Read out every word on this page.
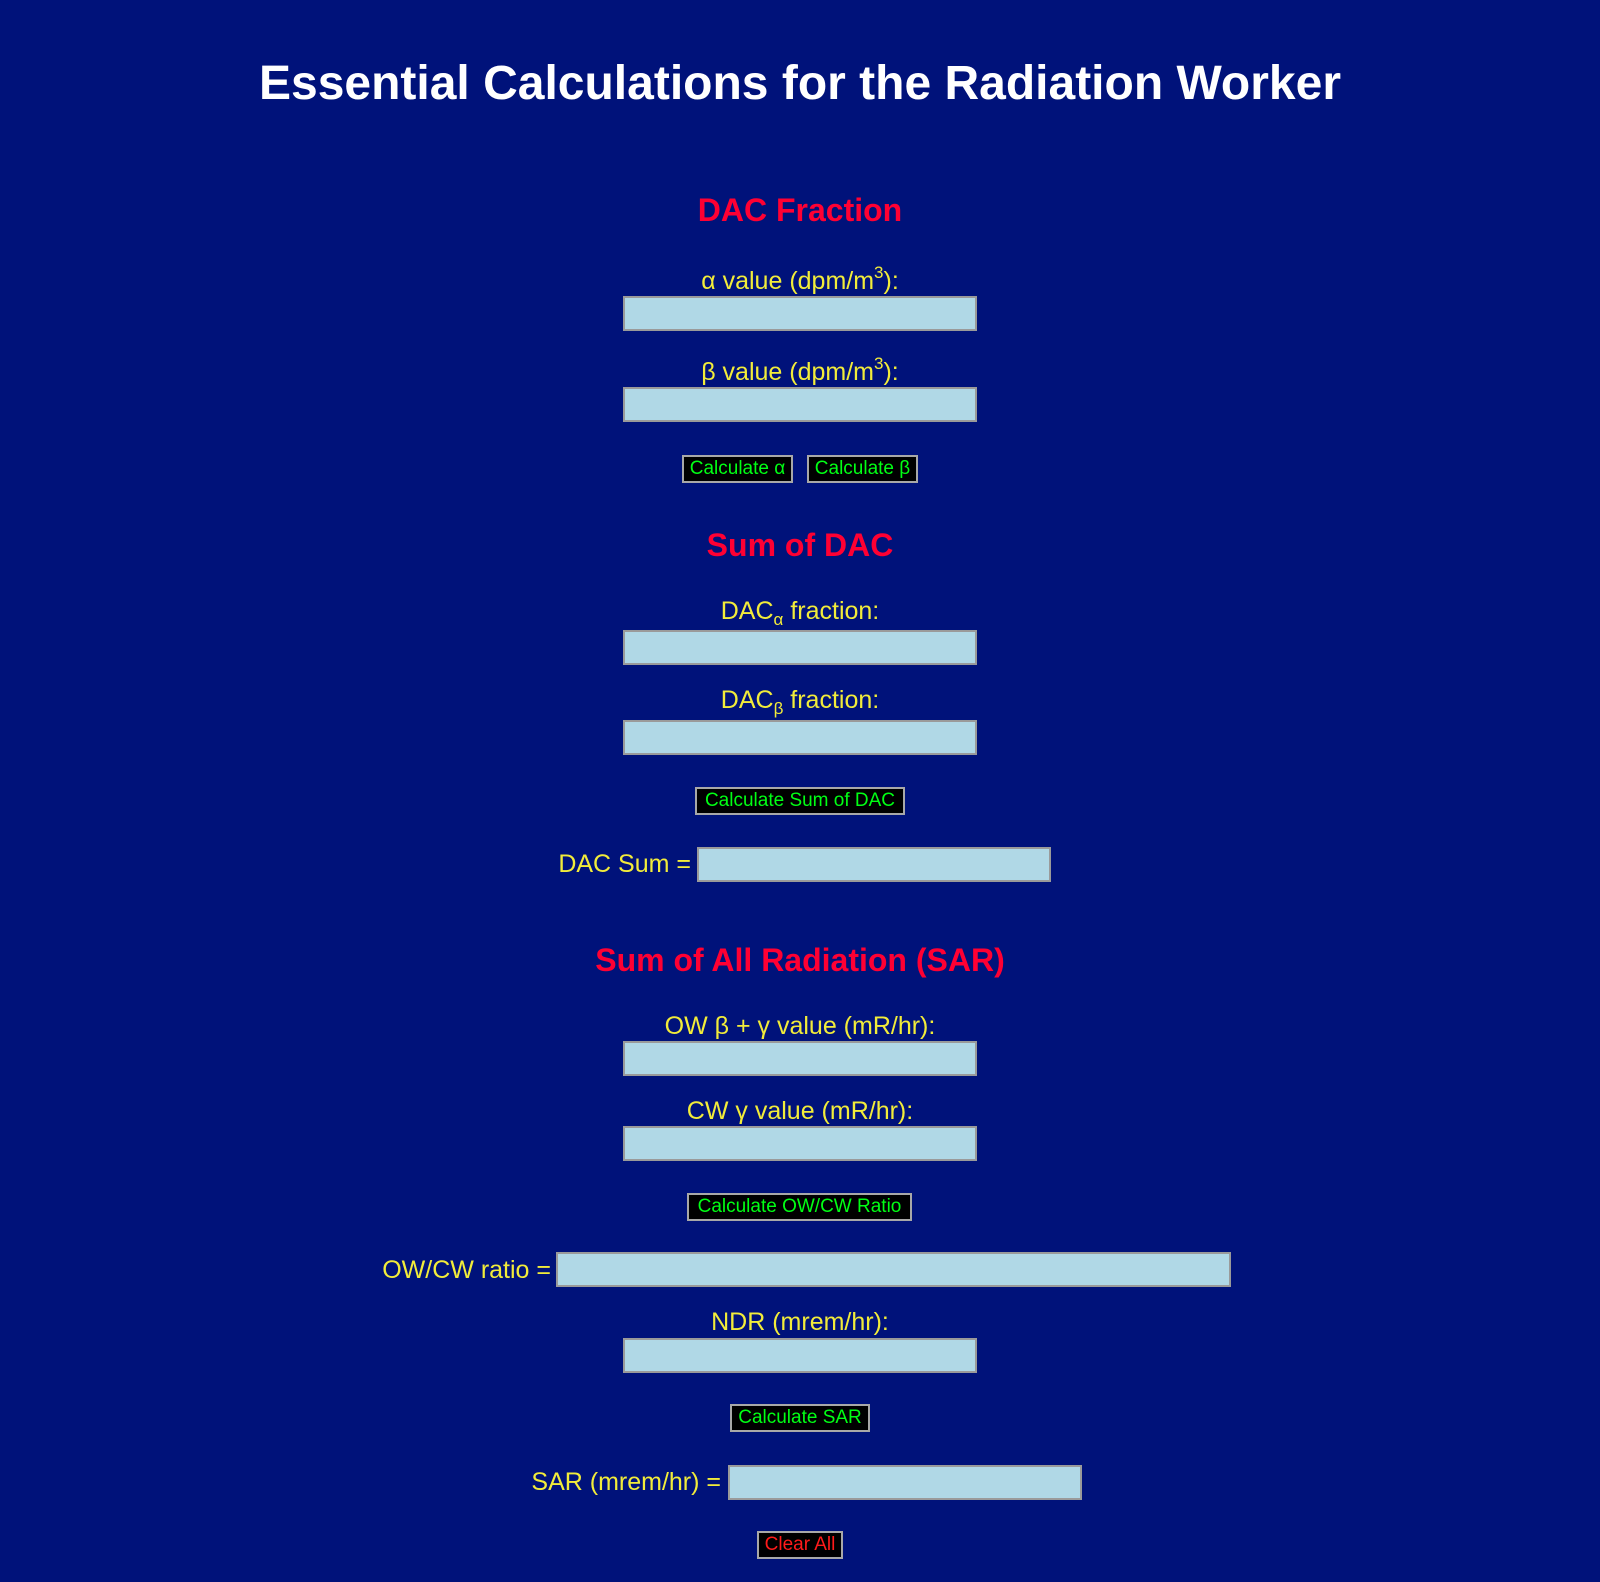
Essential Calculations for the Radiation Worker
DAC Fraction
α value $(dpm/m^3)$:
β value $(dpm/m^3)$:
Calculate α	Calculate β
Sum of DAC
$DAC_\alpha$ fraction:
$DAC_\beta$ fraction:
Calculate Sum of DAC
DAC Sum =
Sum of All Radiation (SAR)
OW β + γ value (mR/hr):
CW γ value (mR/hr):
Calculate OW/CW Ratio
OW/CW ratio =
NDR (mrem/hr):
Calculate SAR
SAR (mrem/hr) =
Clear All
